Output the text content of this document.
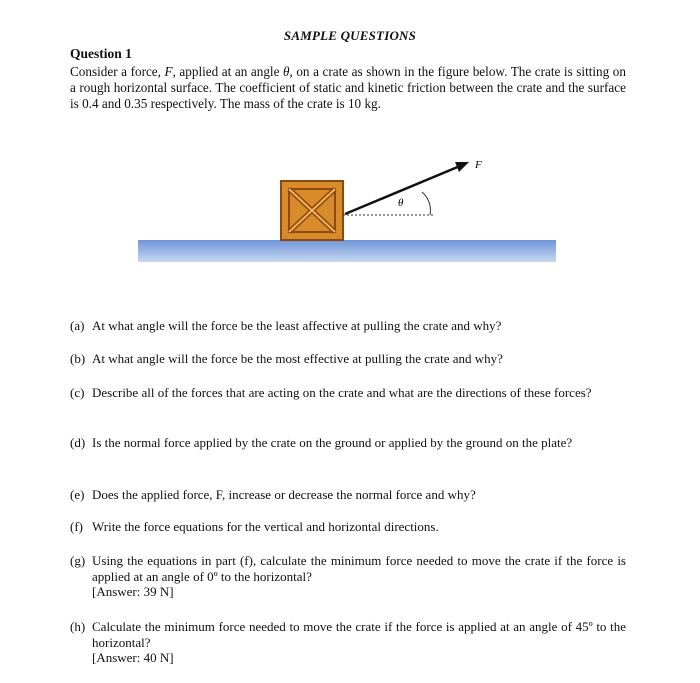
SAMPLE QUESTIONS
Question 1
Consider a force, F, applied at an angle θ, on a crate as shown in the figure below. The crate is sitting on a rough horizontal surface. The coefficient of static and kinetic friction between the crate and the surface is 0.4 and 0.35 respectively. The mass of the crate is 10 kg.
F
θ
(a) At what angle will the force be the least affective at pulling the crate and why?
(b) At what angle will the force be the most effective at pulling the crate and why?
(c) Describe all of the forces that are acting on the crate and what are the directions of these forces?
(d) Is the normal force applied by the crate on the ground or applied by the ground on the plate?
(e) Does the applied force, F, increase or decrease the normal force and why?
(f) Write the force equations for the vertical and horizontal directions.
(g) Using the equations in part (f), calculate the minimum force needed to move the crate if the force is applied at an angle of 0º to the horizontal?
[Answer: 39 N]
(h) Calculate the minimum force needed to move the crate if the force is applied at an angle of 45º to the horizontal?
[Answer: 40 N]
